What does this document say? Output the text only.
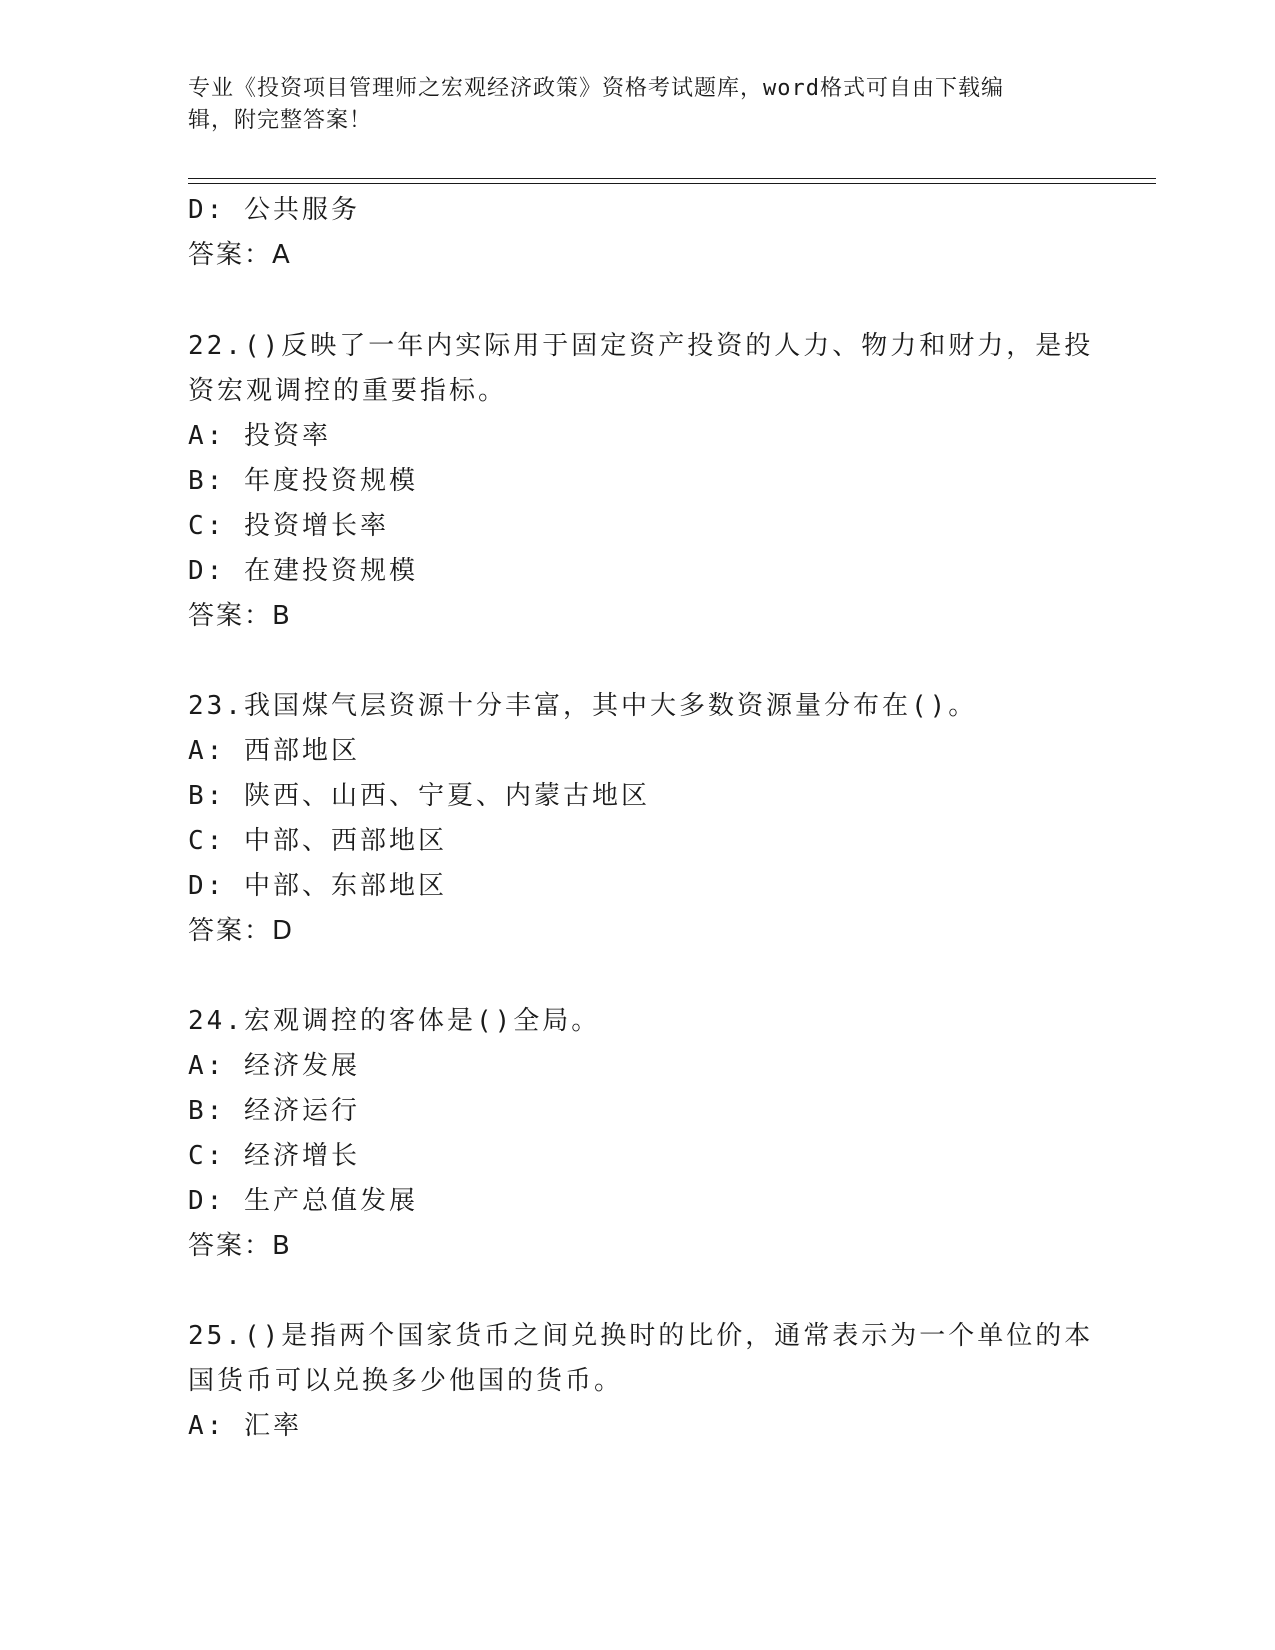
专业《投资项目管理师之宏观经济政策》资格考试题库，word格式可自由下载编
辑，附完整答案！
D: 公共服务
答案：A
22.()反映了一年内实际用于固定资产投资的人力、物力和财力，是投
资宏观调控的重要指标。
A: 投资率
B: 年度投资规模
C: 投资增长率
D: 在建投资规模
答案：B
23.我国煤气层资源十分丰富，其中大多数资源量分布在()。
A: 西部地区
B: 陕西、山西、宁夏、内蒙古地区
C: 中部、西部地区
D: 中部、东部地区
答案：D
24.宏观调控的客体是()全局。
A: 经济发展
B: 经济运行
C: 经济增长
D: 生产总值发展
答案：B
25.()是指两个国家货币之间兑换时的比价，通常表示为一个单位的本
国货币可以兑换多少他国的货币。
A: 汇率
